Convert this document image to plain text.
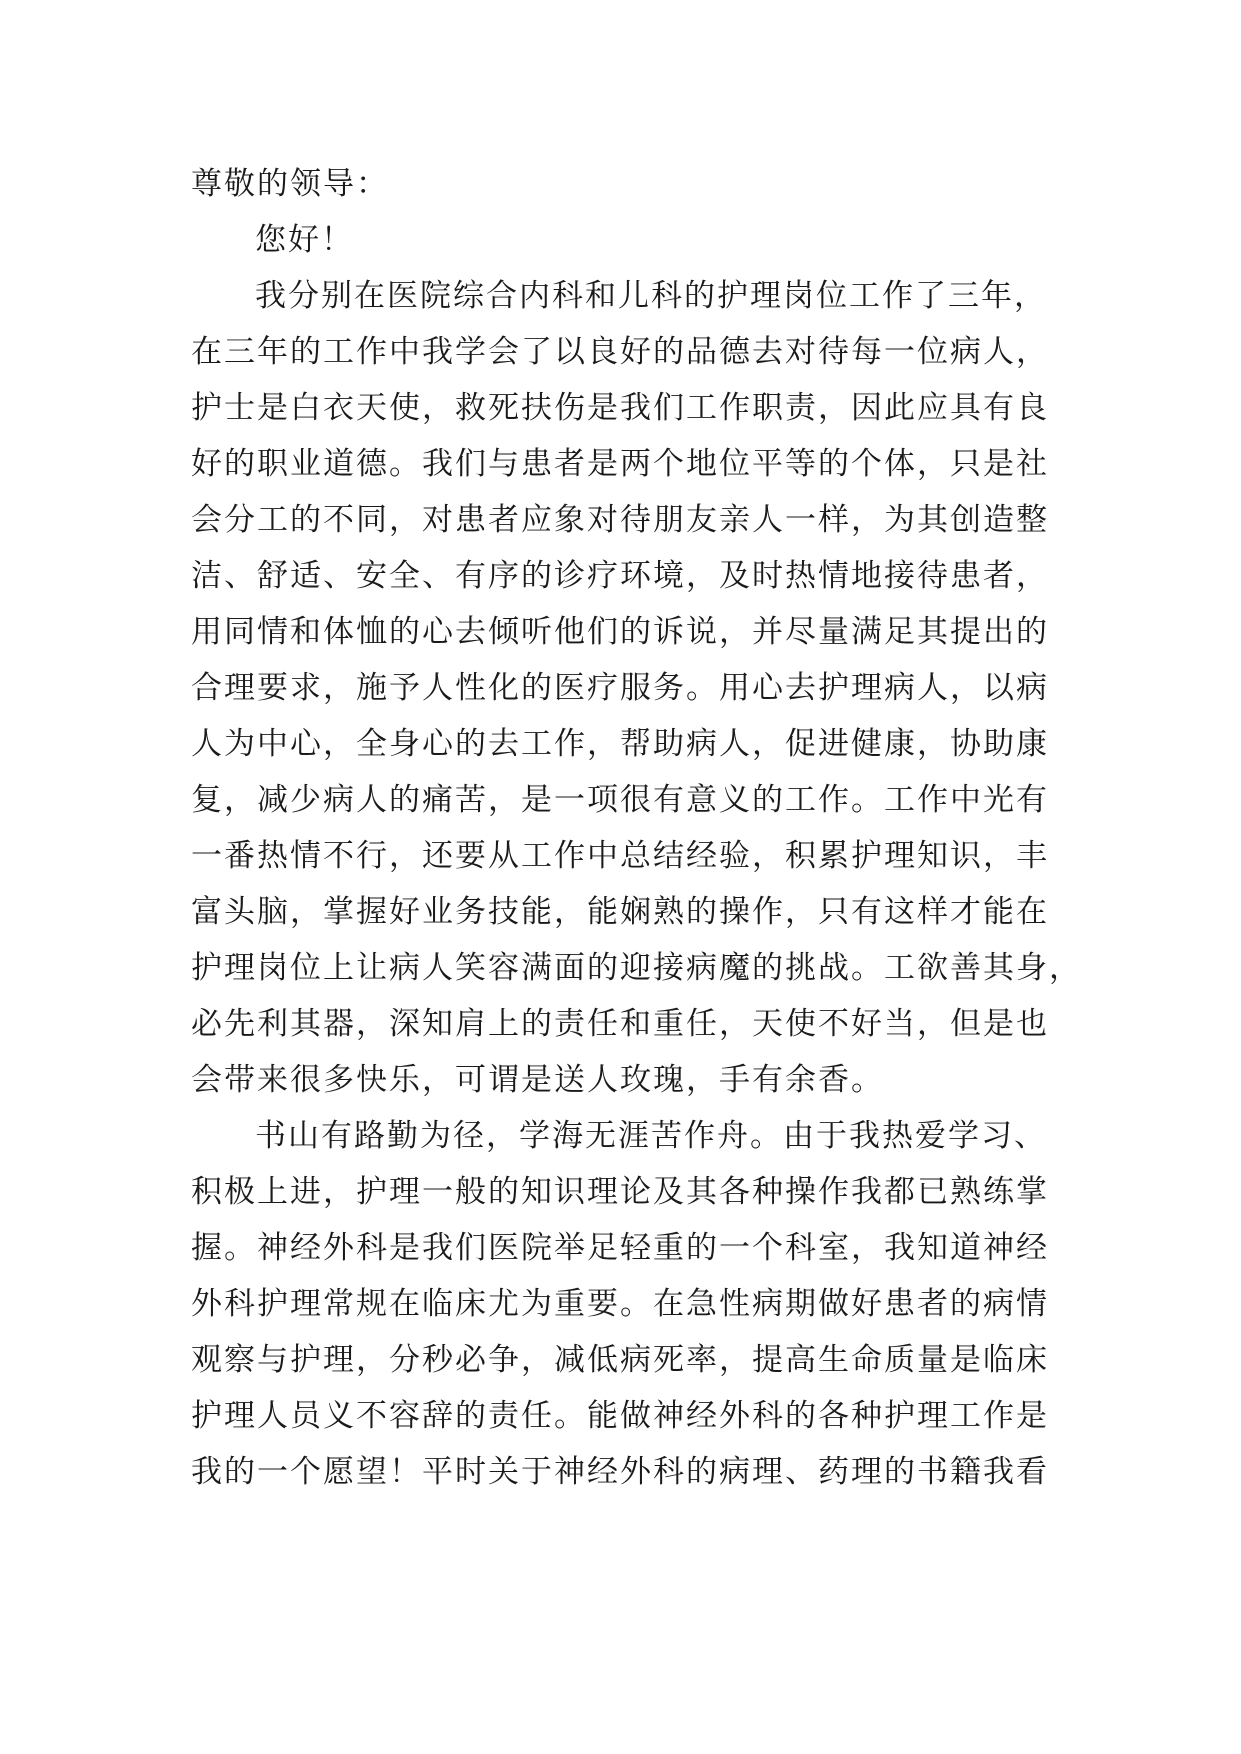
尊敬的领导：

您好！

我分别在医院综合内科和儿科的护理岗位工作了三年，

在三年的工作中我学会了以良好的品德去对待每一位病人，

护士是白衣天使，救死扶伤是我们工作职责，因此应具有良

好的职业道德。我们与患者是两个地位平等的个体，只是社

会分工的不同，对患者应象对待朋友亲人一样，为其创造整

洁、舒适、安全、有序的诊疗环境，及时热情地接待患者，

用同情和体恤的心去倾听他们的诉说，并尽量满足其提出的

合理要求，施予人性化的医疗服务。用心去护理病人，以病

人为中心，全身心的去工作，帮助病人，促进健康，协助康

复，减少病人的痛苦，是一项很有意义的工作。工作中光有

一番热情不行，还要从工作中总结经验，积累护理知识，丰

富头脑，掌握好业务技能，能娴熟的操作，只有这样才能在

护理岗位上让病人笑容满面的迎接病魔的挑战。工欲善其身，

必先利其器，深知肩上的责任和重任，天使不好当，但是也

会带来很多快乐，可谓是送人玫瑰，手有余香。

书山有路勤为径，学海无涯苦作舟。由于我热爱学习、

积极上进，护理一般的知识理论及其各种操作我都已熟练掌

握。神经外科是我们医院举足轻重的一个科室，我知道神经

外科护理常规在临床尤为重要。在急性病期做好患者的病情

观察与护理，分秒必争，减低病死率，提高生命质量是临床

护理人员义不容辞的责任。能做神经外科的各种护理工作是

我的一个愿望！平时关于神经外科的病理、药理的书籍我看
